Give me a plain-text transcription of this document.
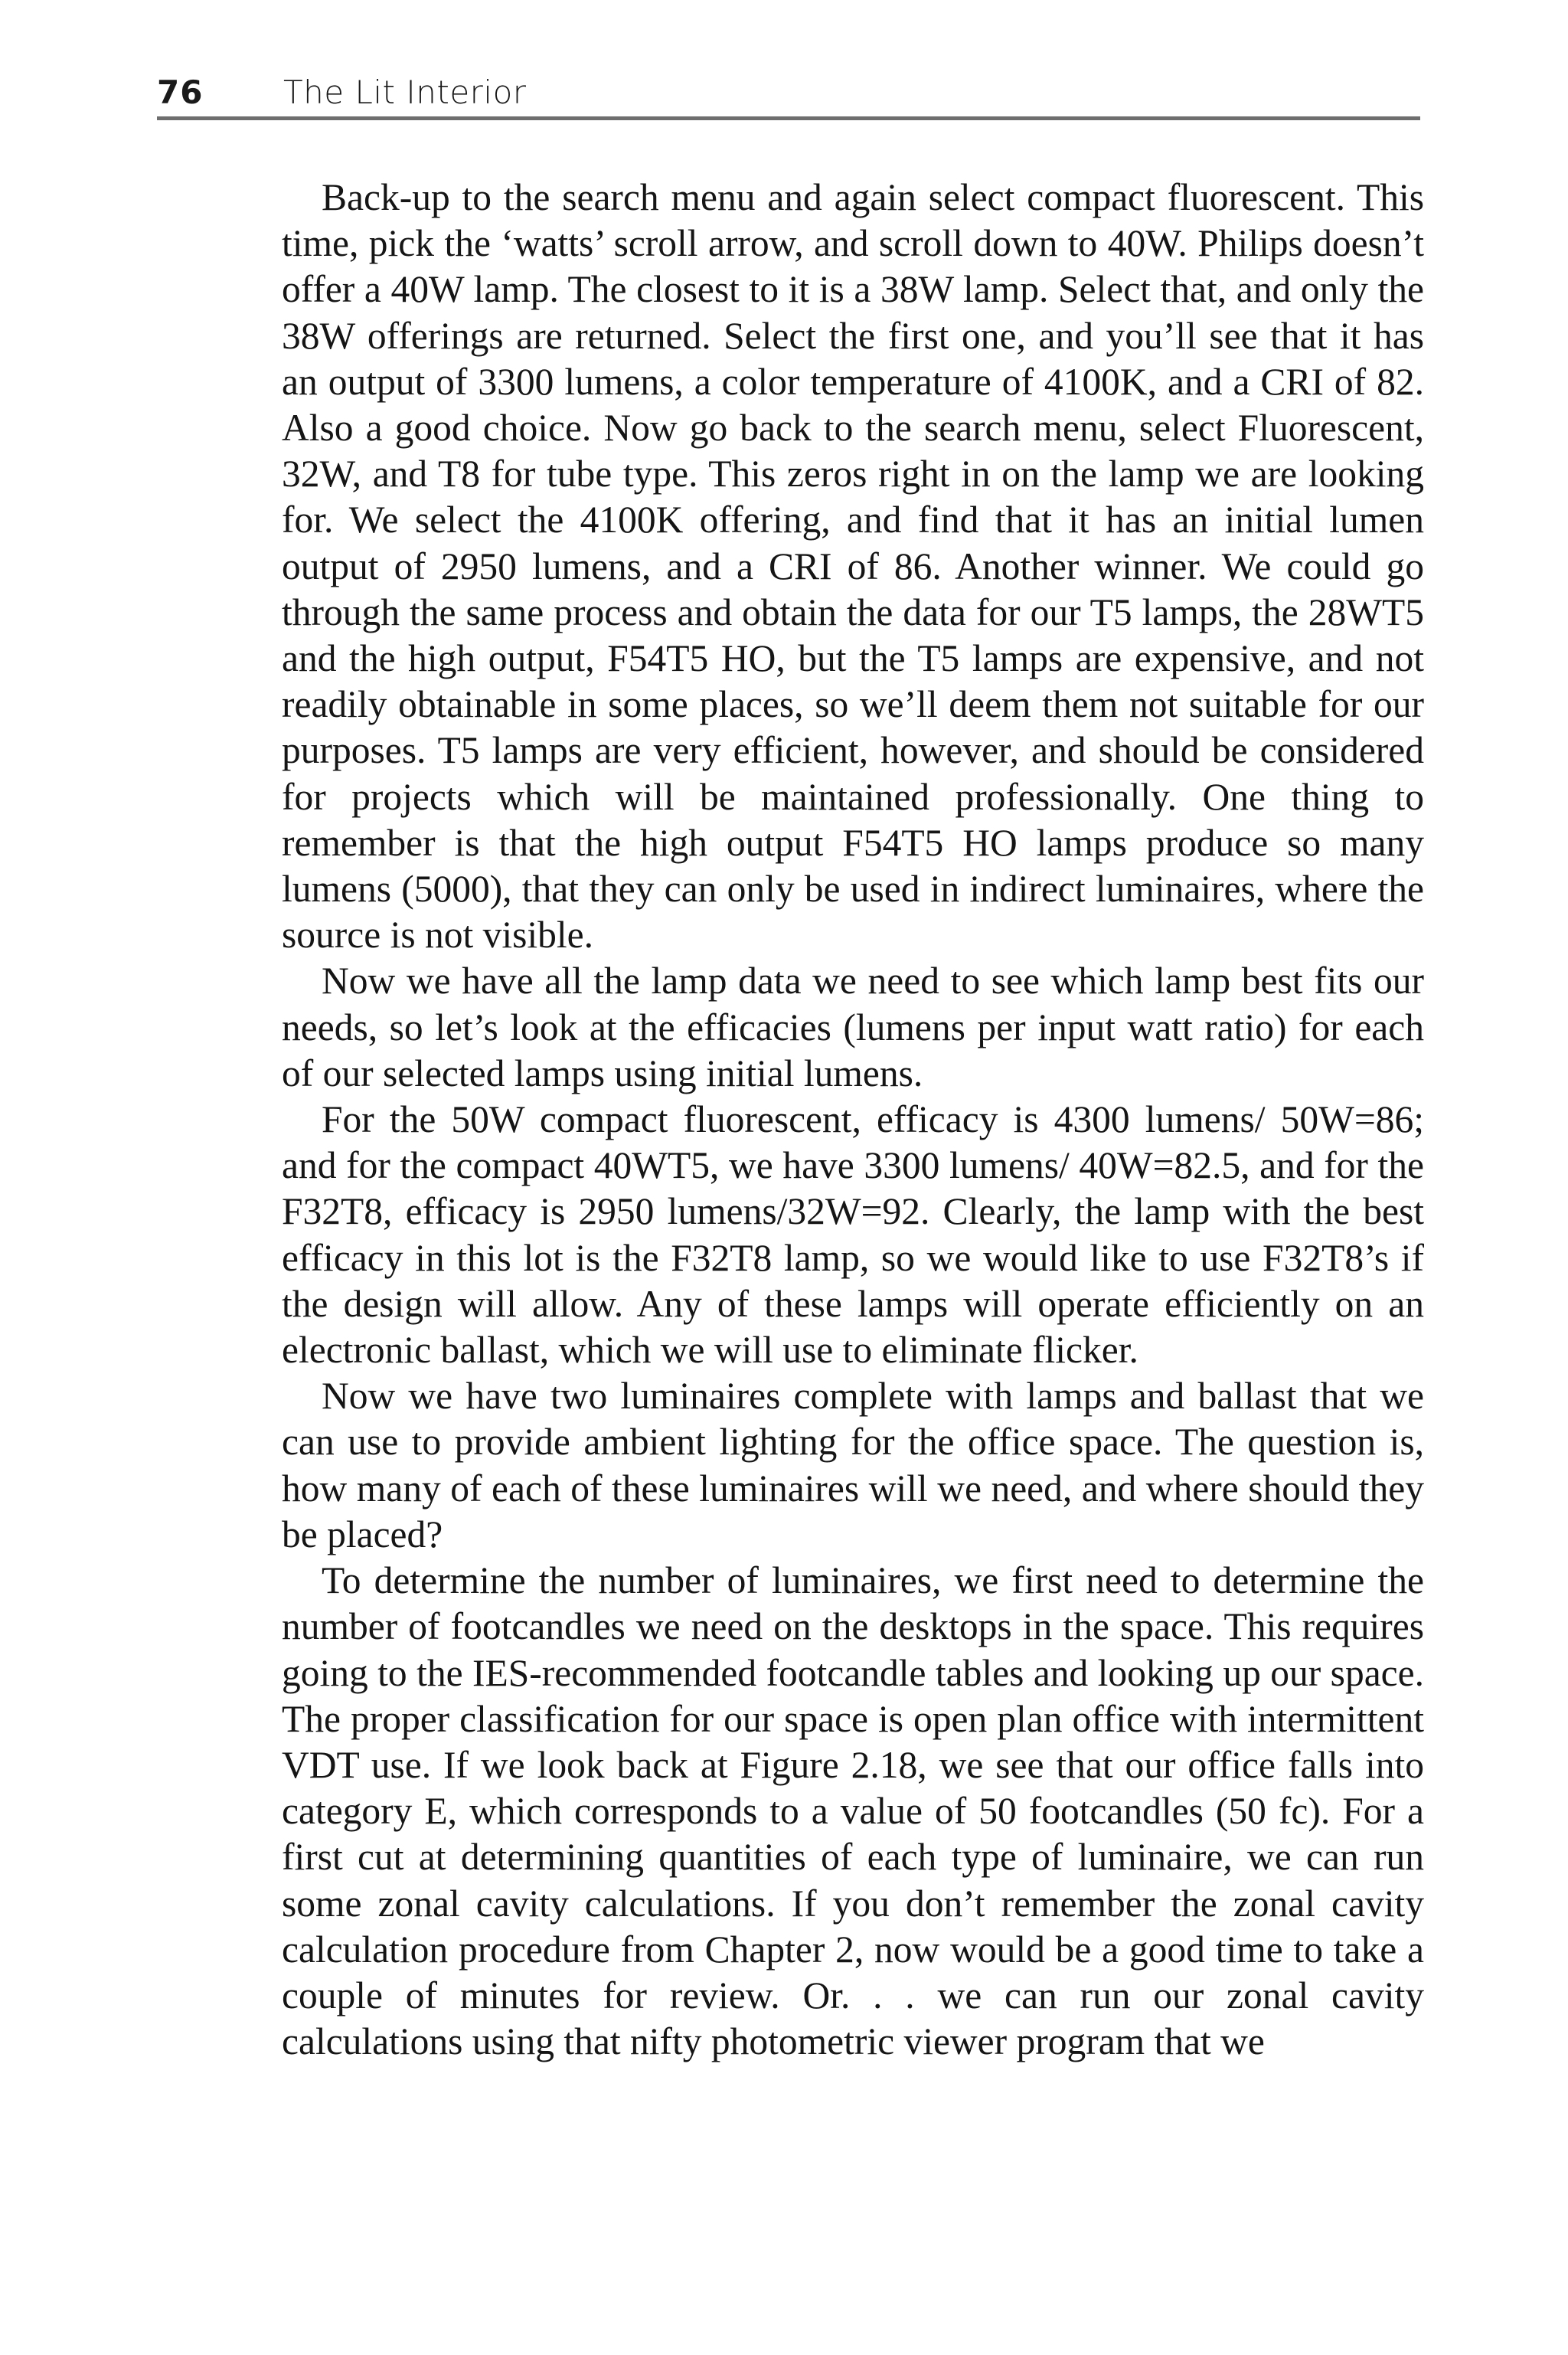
76 The Lit Interior

Back-up to the search menu and again select compact fluorescent. This time, pick the ‘watts’ scroll arrow, and scroll down to 40W. Philips doesn’t offer a 40W lamp. The closest to it is a 38W lamp. Select that, and only the 38W offerings are returned. Select the first one, and you’ll see that it has an output of 3300 lumens, a color temperature of 4100K, and a CRI of 82. Also a good choice. Now go back to the search menu, select Fluorescent, 32W, and T8 for tube type. This zeros right in on the lamp we are looking for. We select the 4100K offering, and find that it has an initial lumen output of 2950 lumens, and a CRI of 86. Another winner. We could go through the same process and obtain the data for our T5 lamps, the 28WT5 and the high output, F54T5 HO, but the T5 lamps are expensive, and not readily obtainable in some places, so we’ll deem them not suitable for our purposes. T5 lamps are very efficient, however, and should be considered for projects which will be maintained professionally. One thing to remember is that the high output F54T5 HO lamps produce so many lumens (5000), that they can only be used in indirect luminaires, where the source is not visible.

Now we have all the lamp data we need to see which lamp best fits our needs, so let’s look at the efficacies (lumens per input watt ratio) for each of our selected lamps using initial lumens.

For the 50W compact fluorescent, efficacy is 4300 lumens/ 50W=86; and for the compact 40WT5, we have 3300 lumens/ 40W=82.5, and for the F32T8, efficacy is 2950 lumens/32W=92. Clearly, the lamp with the best efficacy in this lot is the F32T8 lamp, so we would like to use F32T8’s if the design will allow. Any of these lamps will operate efficiently on an electronic ballast, which we will use to eliminate flicker.

Now we have two luminaires complete with lamps and ballast that we can use to provide ambient lighting for the office space. The question is, how many of each of these luminaires will we need, and where should they be placed?

To determine the number of luminaires, we first need to determine the number of footcandles we need on the desktops in the space. This requires going to the IES-recommended footcandle tables and looking up our space. The proper classification for our space is open plan office with intermittent VDT use. If we look back at Figure 2.18, we see that our office falls into category E, which corresponds to a value of 50 footcandles (50 fc). For a first cut at determining quantities of each type of luminaire, we can run some zonal cavity calculations. If you don’t remember the zonal cavity calculation procedure from Chapter 2, now would be a good time to take a couple of minutes for review. Or. . . we can run our zonal cavity calculations using that nifty photometric viewer program that we
